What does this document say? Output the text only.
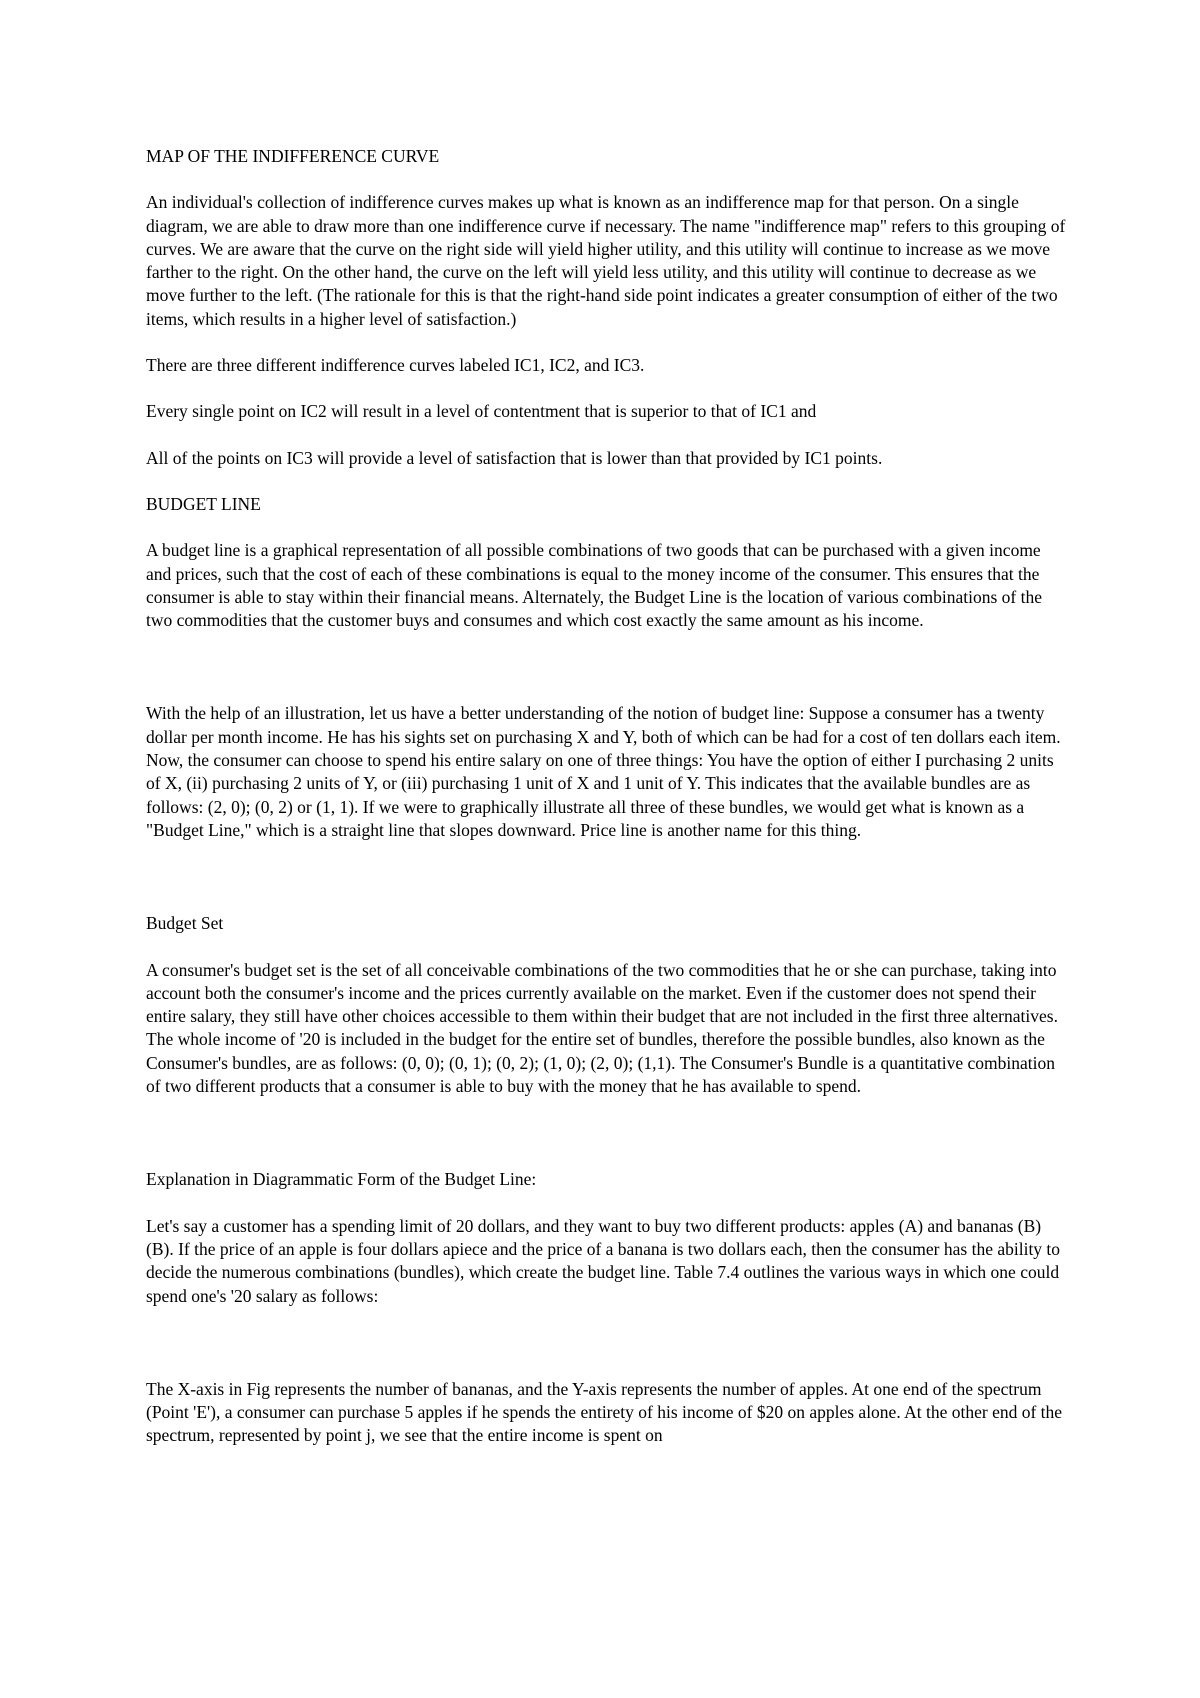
MAP OF THE INDIFFERENCE CURVE

An individual's collection of indifference curves makes up what is known as an indifference map for that person. On a single diagram, we are able to draw more than one indifference curve if necessary. The name "indifference map" refers to this grouping of curves. We are aware that the curve on the right side will yield higher utility, and this utility will continue to increase as we move farther to the right. On the other hand, the curve on the left will yield less utility, and this utility will continue to decrease as we move further to the left. (The rationale for this is that the right-hand side point indicates a greater consumption of either of the two items, which results in a higher level of satisfaction.)

There are three different indifference curves labeled IC1, IC2, and IC3.

Every single point on IC2 will result in a level of contentment that is superior to that of IC1 and

All of the points on IC3 will provide a level of satisfaction that is lower than that provided by IC1 points.

BUDGET LINE

A budget line is a graphical representation of all possible combinations of two goods that can be purchased with a given income and prices, such that the cost of each of these combinations is equal to the money income of the consumer. This ensures that the consumer is able to stay within their financial means. Alternately, the Budget Line is the location of various combinations of the two commodities that the customer buys and consumes and which cost exactly the same amount as his income.

With the help of an illustration, let us have a better understanding of the notion of budget line: Suppose a consumer has a twenty dollar per month income. He has his sights set on purchasing X and Y, both of which can be had for a cost of ten dollars each item. Now, the consumer can choose to spend his entire salary on one of three things: You have the option of either I purchasing 2 units of X, (ii) purchasing 2 units of Y, or (iii) purchasing 1 unit of X and 1 unit of Y. This indicates that the available bundles are as follows: (2, 0); (0, 2) or (1, 1). If we were to graphically illustrate all three of these bundles, we would get what is known as a "Budget Line," which is a straight line that slopes downward. Price line is another name for this thing.

Budget Set

A consumer's budget set is the set of all conceivable combinations of the two commodities that he or she can purchase, taking into account both the consumer's income and the prices currently available on the market. Even if the customer does not spend their entire salary, they still have other choices accessible to them within their budget that are not included in the first three alternatives. The whole income of '20 is included in the budget for the entire set of bundles, therefore the possible bundles, also known as the Consumer's bundles, are as follows: (0, 0); (0, 1); (0, 2); (1, 0); (2, 0); (1,1). The Consumer's Bundle is a quantitative combination of two different products that a consumer is able to buy with the money that he has available to spend.

Explanation in Diagrammatic Form of the Budget Line:

Let's say a customer has a spending limit of 20 dollars, and they want to buy two different products: apples (A) and bananas (B) (B). If the price of an apple is four dollars apiece and the price of a banana is two dollars each, then the consumer has the ability to decide the numerous combinations (bundles), which create the budget line. Table 7.4 outlines the various ways in which one could spend one's '20 salary as follows:

The X-axis in Fig represents the number of bananas, and the Y-axis represents the number of apples. At one end of the spectrum (Point 'E'), a consumer can purchase 5 apples if he spends the entirety of his income of $20 on apples alone. At the other end of the spectrum, represented by point j, we see that the entire income is spent on
